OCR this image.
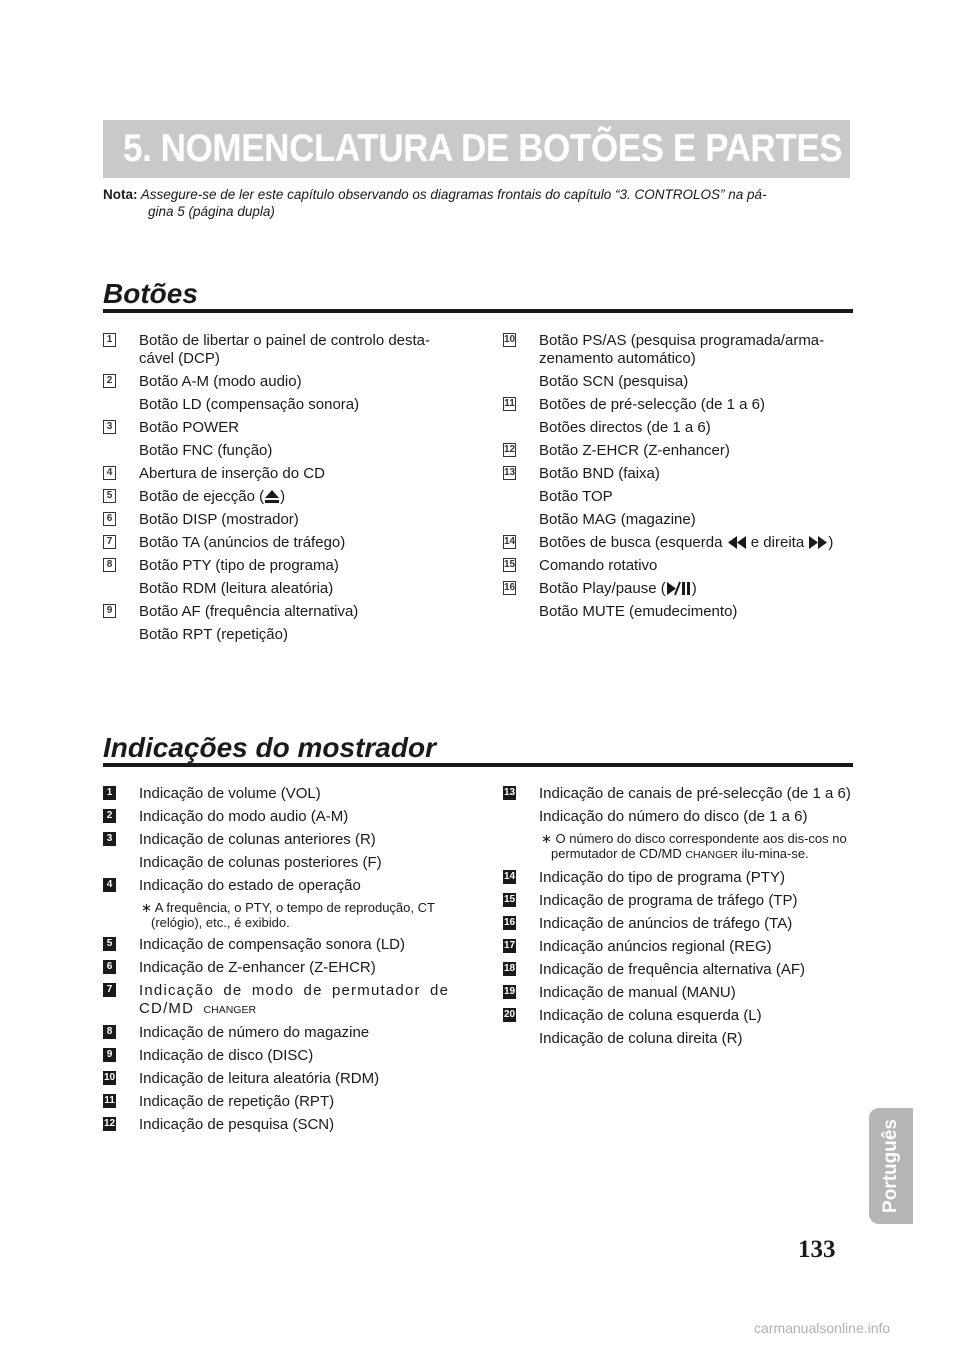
5. NOMENCLATURA DE BOTÕES E PARTES
Nota: Assegure-se de ler este capítulo observando os diagramas frontais do capítulo “3. CONTROLOS” na pá-
gina 5 (página dupla)
Botões
1 Botão de libertar o painel de controlo desta-cável (DCP)
2 Botão A-M (modo audio)
Botão LD (compensação sonora)
3 Botão POWER
Botão FNC (função)
4 Abertura de inserção do CD
5 Botão de ejecção ( )
6 Botão DISP (mostrador)
7 Botão TA (anúncios de tráfego)
8 Botão PTY (tipo de programa)
Botão RDM (leitura aleatória)
9 Botão AF (frequência alternativa)
Botão RPT (repetição)
10 Botão PS/AS (pesquisa programada/arma-zenamento automático)
Botão SCN (pesquisa)
11 Botões de pré-selecção (de 1 a 6)
Botões directos (de 1 a 6)
12 Botão Z-EHCR (Z-enhancer)
13 Botão BND (faixa)
Botão TOP
Botão MAG (magazine)
14 Botões de busca (esquerda  e direita )
15 Comando rotativo
16 Botão Play/pause ( )
Botão MUTE (emudecimento)
Indicações do mostrador
1 Indicação de volume (VOL)
2 Indicação do modo audio (A-M)
3 Indicação de colunas anteriores (R)
Indicação de colunas posteriores (F)
4 Indicação do estado de operação
∗ A frequência, o PTY, o tempo de reprodução, CT (relógio), etc., é exibido.
5 Indicação de compensação sonora (LD)
6 Indicação de Z-enhancer (Z-EHCR)
7 Indicação de modo de permutador de CD/MD CHANGER
8 Indicação de número do magazine
9 Indicação de disco (DISC)
10 Indicação de leitura aleatória (RDM)
11 Indicação de repetição (RPT)
12 Indicação de pesquisa (SCN)
13 Indicação de canais de pré-selecção (de 1 a 6)
Indicação do número do disco (de 1 a 6)
∗ O número do disco correspondente aos dis-cos no permutador de CD/MD CHANGER ilu-mina-se.
14 Indicação do tipo de programa (PTY)
15 Indicação de programa de tráfego (TP)
16 Indicação de anúncios de tráfego (TA)
17 Indicação anúncios regional (REG)
18 Indicação de frequência alternativa (AF)
19 Indicação de manual (MANU)
20 Indicação de coluna esquerda (L)
Indicação de coluna direita (R)
Português
133
carmanualsonline.info
